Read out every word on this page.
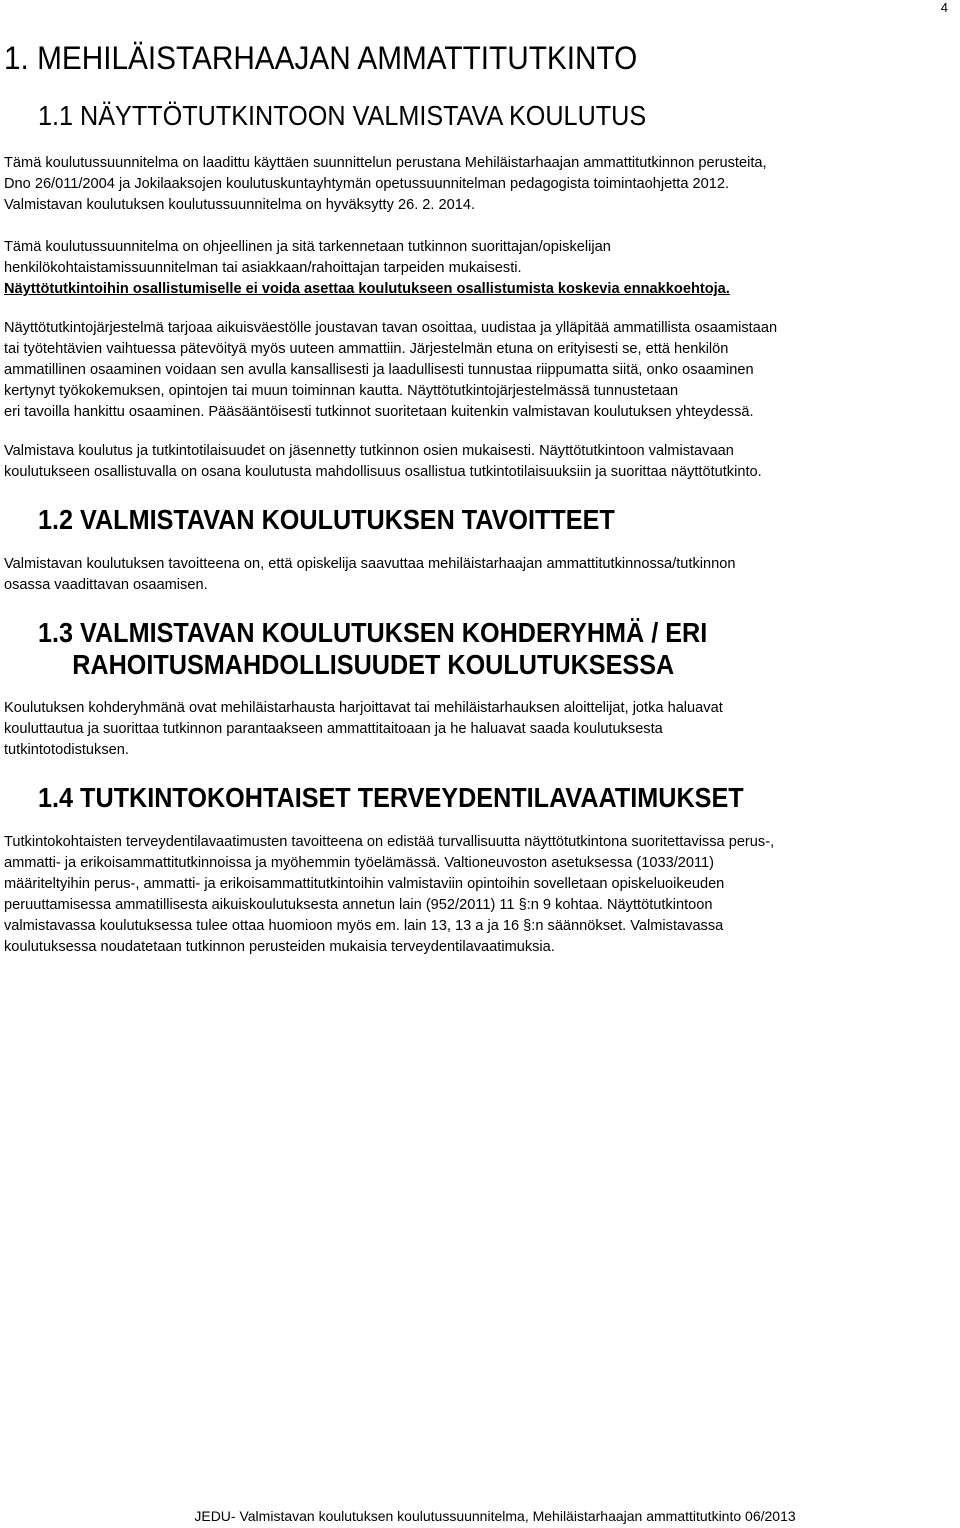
4
1. MEHILÄISTARHAAJAN AMMATTITUTKINTO
1.1 NÄYTTÖTUTKINTOON VALMISTAVA KOULUTUS
Tämä koulutussuunnitelma on laadittu käyttäen suunnittelun perustana Mehiläistarhaajan ammattitutkinnon perusteita,
Dno 26/011/2004 ja Jokilaaksojen koulutuskuntayhtymän opetussuunnitelman pedagogista toimintaohjetta 2012.
Valmistavan koulutuksen koulutussuunnitelma on hyväksytty 26. 2. 2014.
Tämä koulutussuunnitelma on ohjeellinen ja sitä tarkennetaan tutkinnon suorittajan/opiskelijan
henkilökohtaistamissuunnitelman tai asiakkaan/rahoittajan tarpeiden mukaisesti.
Näyttötutkintoihin osallistumiselle ei voida asettaa koulutukseen osallistumista koskevia ennakkoehtoja.
Näyttötutkintojärjestelmä tarjoaa aikuisväestölle joustavan tavan osoittaa, uudistaa ja ylläpitää ammatillista osaamistaan
tai työtehtävien vaihtuessa pätevöityä myös uuteen ammattiin. Järjestelmän etuna on erityisesti se, että henkilön
ammatillinen osaaminen voidaan sen avulla kansallisesti ja laadullisesti tunnustaa riippumatta siitä, onko osaaminen
kertynyt työkokemuksen, opintojen tai muun toiminnan kautta. Näyttötutkintojärjestelmässä tunnustetaan
eri tavoilla hankittu osaaminen. Pääsääntöisesti tutkinnot suoritetaan kuitenkin valmistavan koulutuksen yhteydessä.
Valmistava koulutus ja tutkintotilaisuudet on jäsennetty tutkinnon osien mukaisesti. Näyttötutkintoon valmistavaan
koulutukseen osallistuvalla on osana koulutusta mahdollisuus osallistua tutkintotilaisuuksiin ja suorittaa näyttötutkinto.
1.2 VALMISTAVAN KOULUTUKSEN TAVOITTEET
Valmistavan koulutuksen tavoitteena on, että opiskelija saavuttaa mehiläistarhaajan ammattitutkinnossa/tutkinnon
osassa vaadittavan osaamisen.
1.3 VALMISTAVAN KOULUTUKSEN KOHDERYHMÄ / ERI
RAHOITUSMAHDOLLISUUDET KOULUTUKSESSA
Koulutuksen kohderyhmänä ovat mehiläistarhausta harjoittavat tai mehiläistarhauksen aloittelijat, jotka haluavat
kouluttautua ja suorittaa tutkinnon parantaakseen ammattitaitoaan ja he haluavat saada koulutuksesta
tutkintotodistuksen.
1.4 TUTKINTOKOHTAISET TERVEYDENTILAVAATIMUKSET
Tutkintokohtaisten terveydentilavaatimusten tavoitteena on edistää turvallisuutta näyttötutkintona suoritettavissa perus-,
ammatti- ja erikoisammattitutkinnoissa ja myöhemmin työelämässä. Valtioneuvoston asetuksessa (1033/2011)
määriteltyihin perus-, ammatti- ja erikoisammattitutkintoihin valmistaviin opintoihin sovelletaan opiskeluoikeuden
peruuttamisessa ammatillisesta aikuiskoulutuksesta annetun lain (952/2011) 11 §:n 9 kohtaa. Näyttötutkintoon
valmistavassa koulutuksessa tulee ottaa huomioon myös em. lain 13, 13 a ja 16 §:n säännökset. Valmistavassa
koulutuksessa noudatetaan tutkinnon perusteiden mukaisia terveydentilavaatimuksia.
JEDU- Valmistavan koulutuksen koulutussuunnitelma, Mehiläistarhaajan ammattitutkinto 06/2013
